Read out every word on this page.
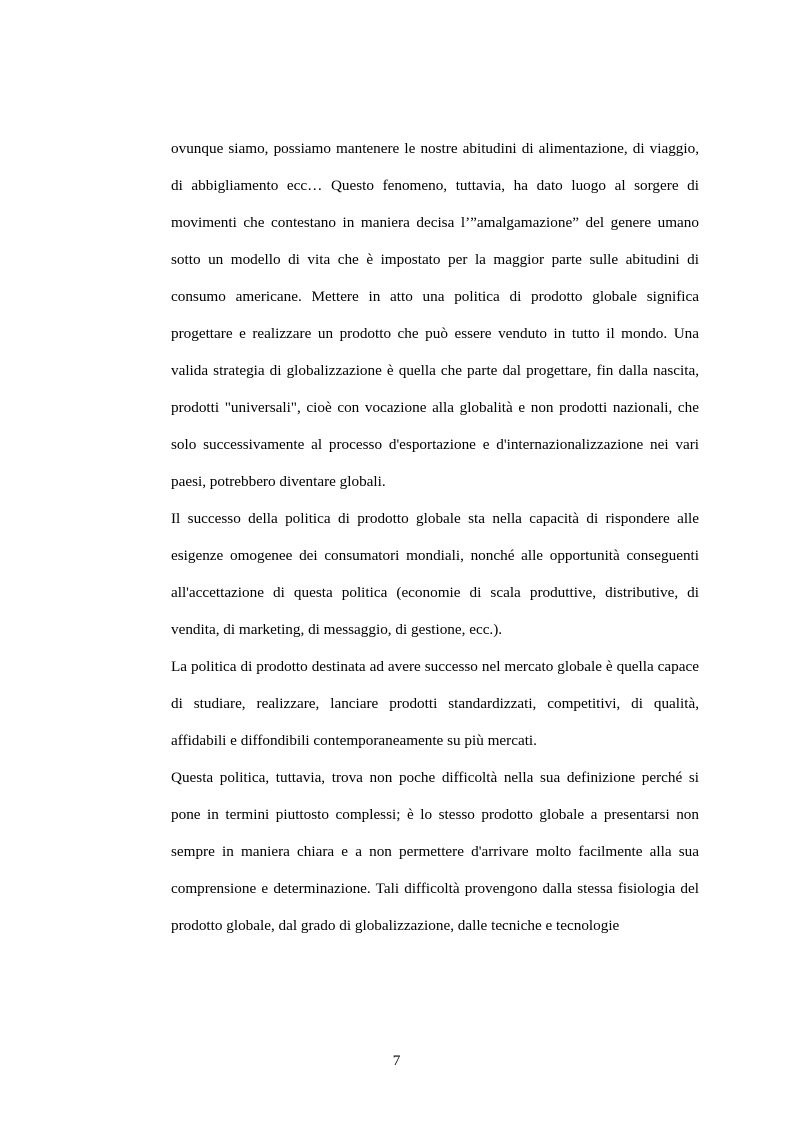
ovunque siamo, possiamo mantenere le nostre abitudini di alimentazione, di viaggio, di abbigliamento ecc… Questo fenomeno, tuttavia, ha dato luogo al sorgere di movimenti che contestano in maniera decisa l’”amalgamazione” del genere umano sotto un modello di vita che è impostato per la maggior parte sulle abitudini di consumo americane. Mettere in atto una politica di prodotto globale significa progettare e realizzare un prodotto che può essere venduto in tutto il mondo. Una valida strategia di globalizzazione è quella che parte dal progettare, fin dalla nascita, prodotti "universali", cioè con vocazione alla globalità e non prodotti nazionali, che solo successivamente al processo d'esportazione e d'internazionalizzazione nei vari paesi, potrebbero diventare globali.

Il successo della politica di prodotto globale sta nella capacità di rispondere alle esigenze omogenee dei consumatori mondiali, nonché alle opportunità conseguenti all'accettazione di questa politica (economie di scala produttive, distributive, di vendita, di marketing, di messaggio, di gestione, ecc.).

La politica di prodotto destinata ad avere successo nel mercato globale è quella capace di studiare, realizzare, lanciare prodotti standardizzati, competitivi, di qualità, affidabili e diffondibili contemporaneamente su più mercati.

Questa politica, tuttavia, trova non poche difficoltà nella sua definizione perché si pone in termini piuttosto complessi; è lo stesso prodotto globale a presentarsi non sempre in maniera chiara e a non permettere d'arrivare molto facilmente alla sua comprensione e determinazione. Tali difficoltà provengono dalla stessa fisiologia del prodotto globale, dal grado di globalizzazione, dalle tecniche e tecnologie

7
